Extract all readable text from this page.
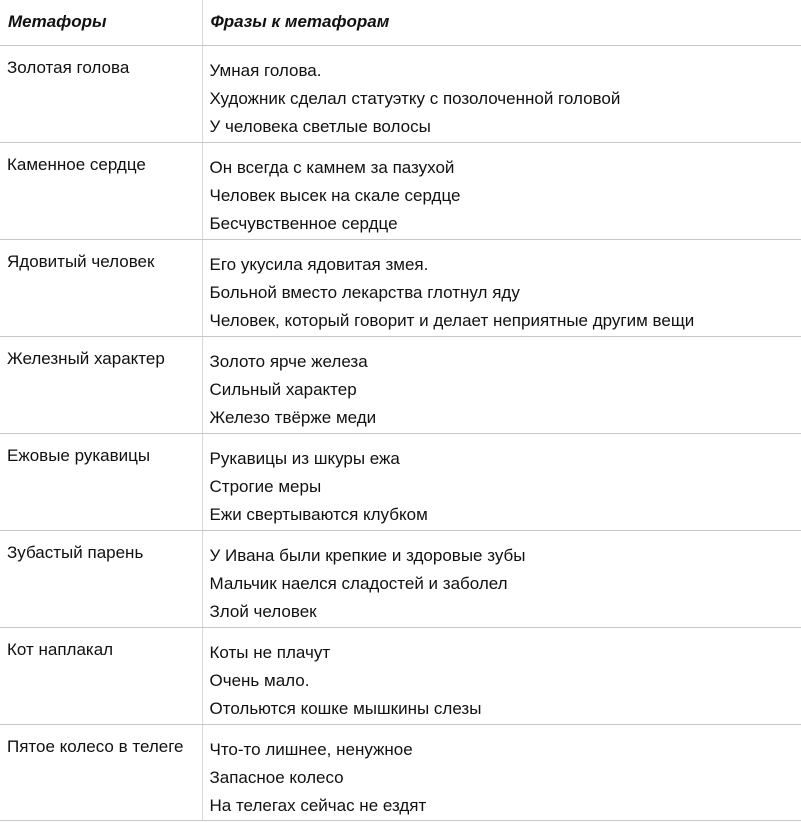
Метафоры	Фразы к метафорам

Золотая голова	Умная голова.
Художник сделал статуэтку с позолоченной головой
У человека светлые волосы

Каменное сердце	Он всегда с камнем за пазухой
Человек высек на скале сердце
Бесчувственное сердце

Ядовитый человек	Его укусила ядовитая змея.
Больной вместо лекарства глотнул яду
Человек, который говорит и делает неприятные другим вещи

Железный характер	Золото ярче железа
Сильный характер
Железо твёрже меди

Ежовые рукавицы	Рукавицы из шкуры ежа
Строгие меры
Ежи свертываются клубком

Зубастый парень	У Ивана были крепкие и здоровые зубы
Мальчик наелся сладостей и заболел
Злой человек

Кот наплакал	Коты не плачут
Очень мало.
Отольются кошке мышкины слезы

Пятое колесо в телеге	Что-то лишнее, ненужное
Запасное колесо
На телегах сейчас не ездят
